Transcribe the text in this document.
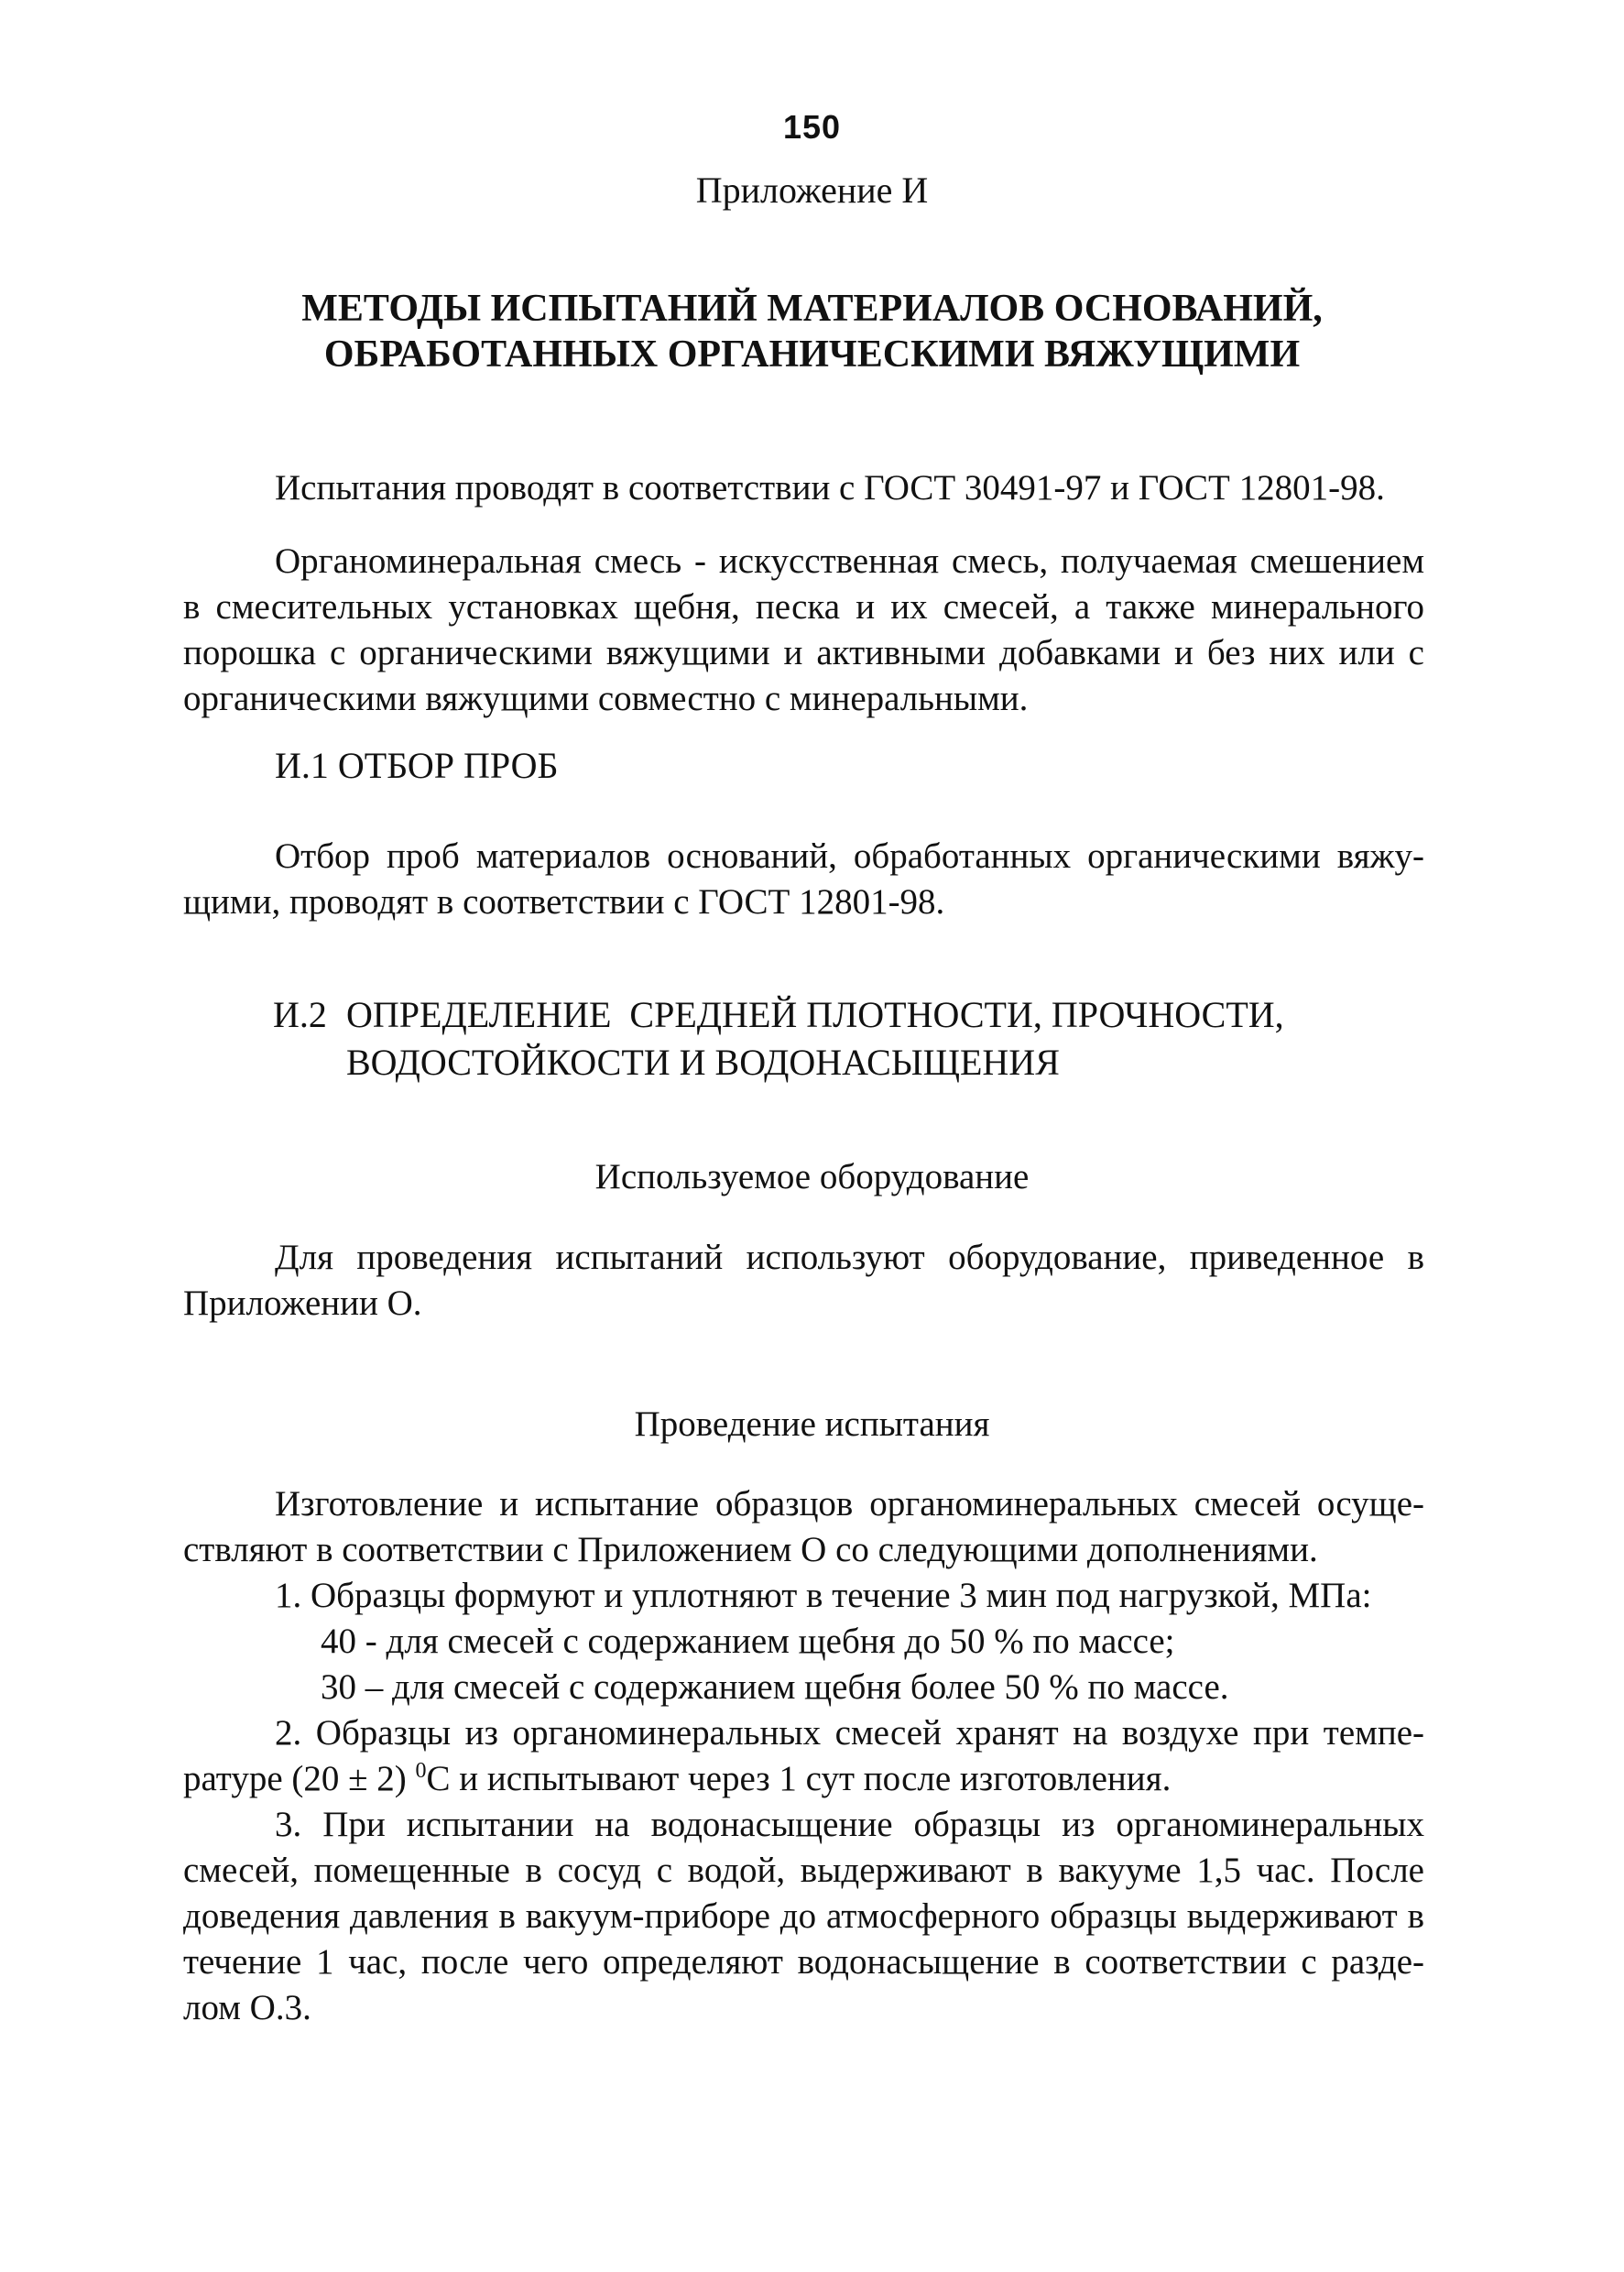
150
Приложение И
МЕТОДЫ ИСПЫТАНИЙ МАТЕРИАЛОВ ОСНОВАНИЙ,
ОБРАБОТАННЫХ ОРГАНИЧЕСКИМИ ВЯЖУЩИМИ
Испытания проводят в соответствии с ГОСТ 30491-97 и ГОСТ 12801-98.
Органоминеральная смесь - искусственная смесь, получаемая смешением в смесительных установках щебня, песка и их смесей, а также минерального порошка с органическими вяжущими и активными добавками и без них или с органическими вяжущими совместно с минеральными.
И.1 ОТБОР ПРОБ
Отбор проб материалов оснований, обработанных органическими вяжу-щими, проводят в соответствии с ГОСТ 12801-98.
И.2 ОПРЕДЕЛЕНИЕ  СРЕДНЕЙ ПЛОТНОСТИ, ПРОЧНОСТИ,
ВОДОСТОЙКОСТИ И ВОДОНАСЫЩЕНИЯ
Используемое оборудование
Для проведения испытаний используют оборудование, приведенное в Приложении О.
Проведение испытания
Изготовление и испытание образцов органоминеральных смесей осуще-ствляют в соответствии с Приложением О со следующими дополнениями.
1. Образцы формуют и уплотняют в течение 3 мин под нагрузкой, МПа:
40 - для смесей с содержанием щебня до 50 % по массе;
30 – для смесей с содержанием щебня более 50 % по массе.
2. Образцы из органоминеральных смесей хранят на воздухе при темпе-ратуре (20 ± 2) $^0$С и испытывают через 1 сут после изготовления.
3. При испытании на водонасыщение образцы из органоминеральных смесей, помещенные в сосуд с водой, выдерживают в вакууме 1,5 час. После доведения давления в вакуум-приборе до атмосферного образцы выдерживают в течение 1 час, после чего определяют водонасыщение в соответствии с разде-лом О.3.
